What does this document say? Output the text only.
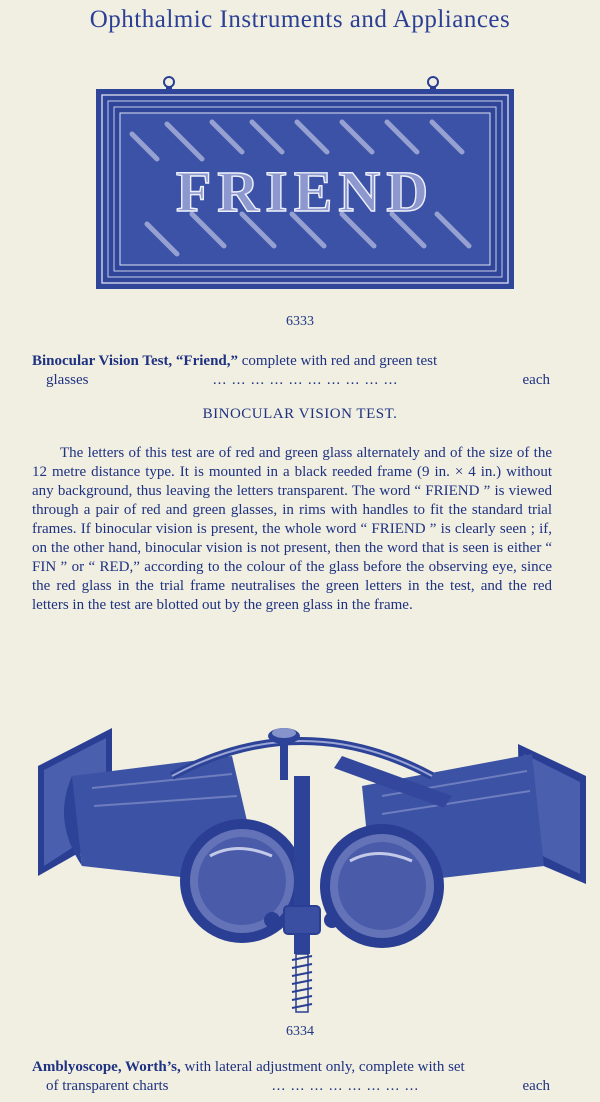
Ophthalmic Instruments and Appliances
FRIEND
6333
Binocular Vision Test, “Friend,” complete with red and green test
glasses	... ... ... ... ... ... ... ... ... ...	each
BINOCULAR VISION TEST.

The letters of this test are of red and green glass alternately and of the size of the 12 metre distance type. It is mounted in a black reeded frame (9 in. × 4 in.) without any background, thus leaving the letters transparent. The word “ FRIEND ” is viewed through a pair of red and green glasses, in rims with handles to fit the standard trial frames. If binocular vision is present, the whole word “ FRIEND ” is clearly seen ; if, on the other hand, binocular vision is not present, then the word that is seen is either “ FIN ” or “ RED,” according to the colour of the glass before the observing eye, since the red glass in the trial frame neutralises the green letters in the test, and the red letters in the test are blotted out by the green glass in the frame.

6334
Amblyoscope, Worth’s, with lateral adjustment only, complete with set
of transparent charts	... ... ... ... ... ... ... ...	each
